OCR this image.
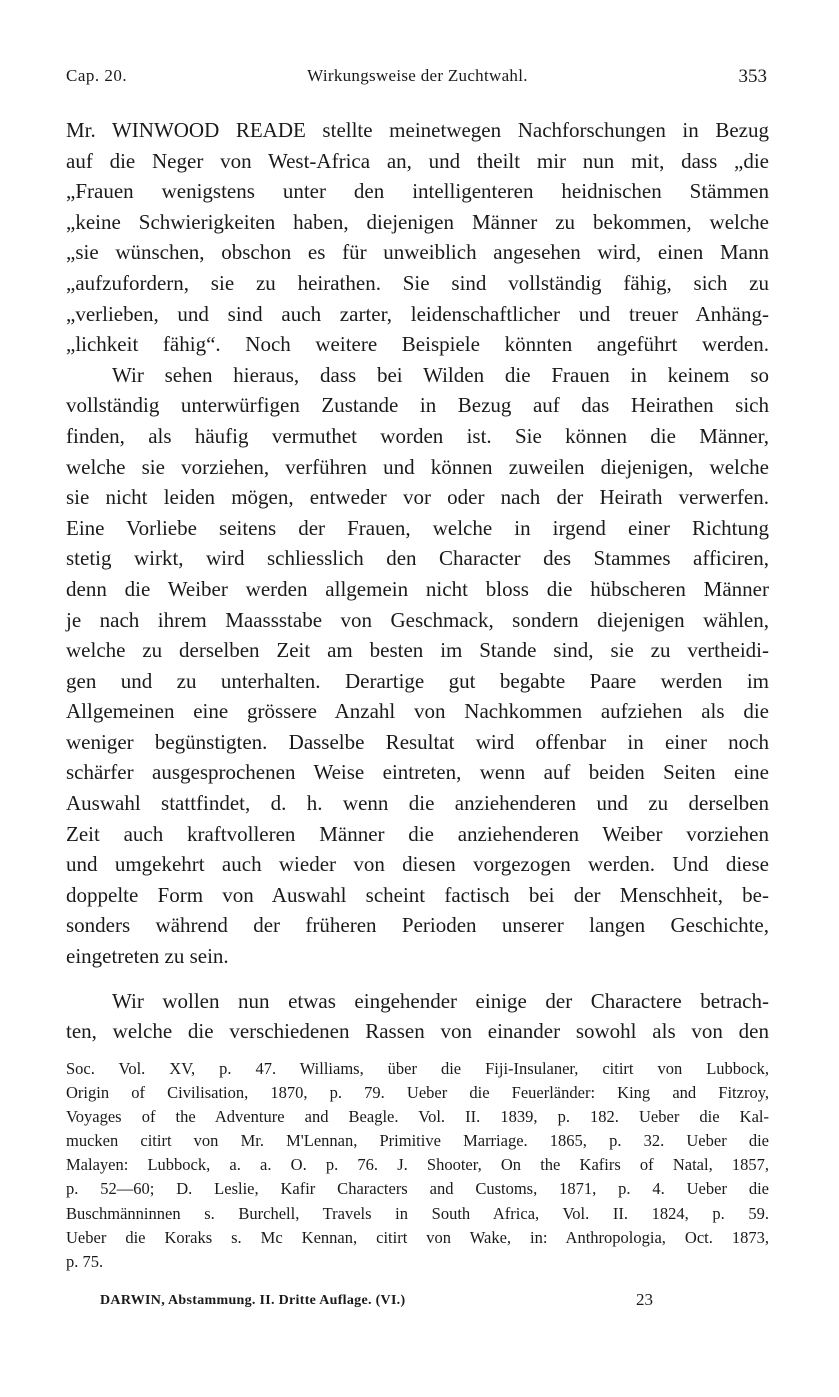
Cap. 20.	Wirkungsweise der Zuchtwahl.	353

Mr. WINWOOD READE stellte meinetwegen Nachforschungen in Bezug
auf die Neger von West-Africa an, und theilt mir nun mit, dass „die
„Frauen wenigstens unter den intelligenteren heidnischen Stämmen
„keine Schwierigkeiten haben, diejenigen Männer zu bekommen, welche
„sie wünschen, obschon es für unweiblich angesehen wird, einen Mann
„aufzufordern, sie zu heirathen. Sie sind vollständig fähig, sich zu
„verlieben, und sind auch zarter, leidenschaftlicher und treuer Anhäng-
„lichkeit fähig“. Noch weitere Beispiele könnten angeführt werden.

Wir sehen hieraus, dass bei Wilden die Frauen in keinem so
vollständig unterwürfigen Zustande in Bezug auf das Heirathen sich
finden, als häufig vermuthet worden ist. Sie können die Männer,
welche sie vorziehen, verführen und können zuweilen diejenigen, welche
sie nicht leiden mögen, entweder vor oder nach der Heirath verwerfen.
Eine Vorliebe seitens der Frauen, welche in irgend einer Richtung
stetig wirkt, wird schliesslich den Character des Stammes afficiren,
denn die Weiber werden allgemein nicht bloss die hübscheren Männer
je nach ihrem Maassstabe von Geschmack, sondern diejenigen wählen,
welche zu derselben Zeit am besten im Stande sind, sie zu vertheidi-
gen und zu unterhalten. Derartige gut begabte Paare werden im
Allgemeinen eine grössere Anzahl von Nachkommen aufziehen als die
weniger begünstigten. Dasselbe Resultat wird offenbar in einer noch
schärfer ausgesprochenen Weise eintreten, wenn auf beiden Seiten eine
Auswahl stattfindet, d. h. wenn die anziehenderen und zu derselben
Zeit auch kraftvolleren Männer die anziehenderen Weiber vorziehen
und umgekehrt auch wieder von diesen vorgezogen werden. Und diese
doppelte Form von Auswahl scheint factisch bei der Menschheit, be-
sonders während der früheren Perioden unserer langen Geschichte,
eingetreten zu sein.

Wir wollen nun etwas eingehender einige der Charactere betrach-
ten, welche die verschiedenen Rassen von einander sowohl als von den

Soc. Vol. XV, p. 47. Williams, über die Fiji-Insulaner, citirt von Lubbock,
Origin of Civilisation, 1870, p. 79. Ueber die Feuerländer: King and Fitzroy,
Voyages of the Adventure and Beagle. Vol. II. 1839, p. 182. Ueber die Kal-
mucken citirt von Mr. M'Lennan, Primitive Marriage. 1865, p. 32. Ueber die
Malayen: Lubbock, a. a. O. p. 76. J. Shooter, On the Kafirs of Natal, 1857,
p. 52—60; D. Leslie, Kafir Characters and Customs, 1871, p. 4. Ueber die
Buschmänninnen s. Burchell, Travels in South Africa, Vol. II. 1824, p. 59.
Ueber die Koraks s. Mc Kennan, citirt von Wake, in: Anthropologia, Oct. 1873,
p. 75.
DARWIN, Abstammung. II. Dritte Auflage. (VI.)	23
